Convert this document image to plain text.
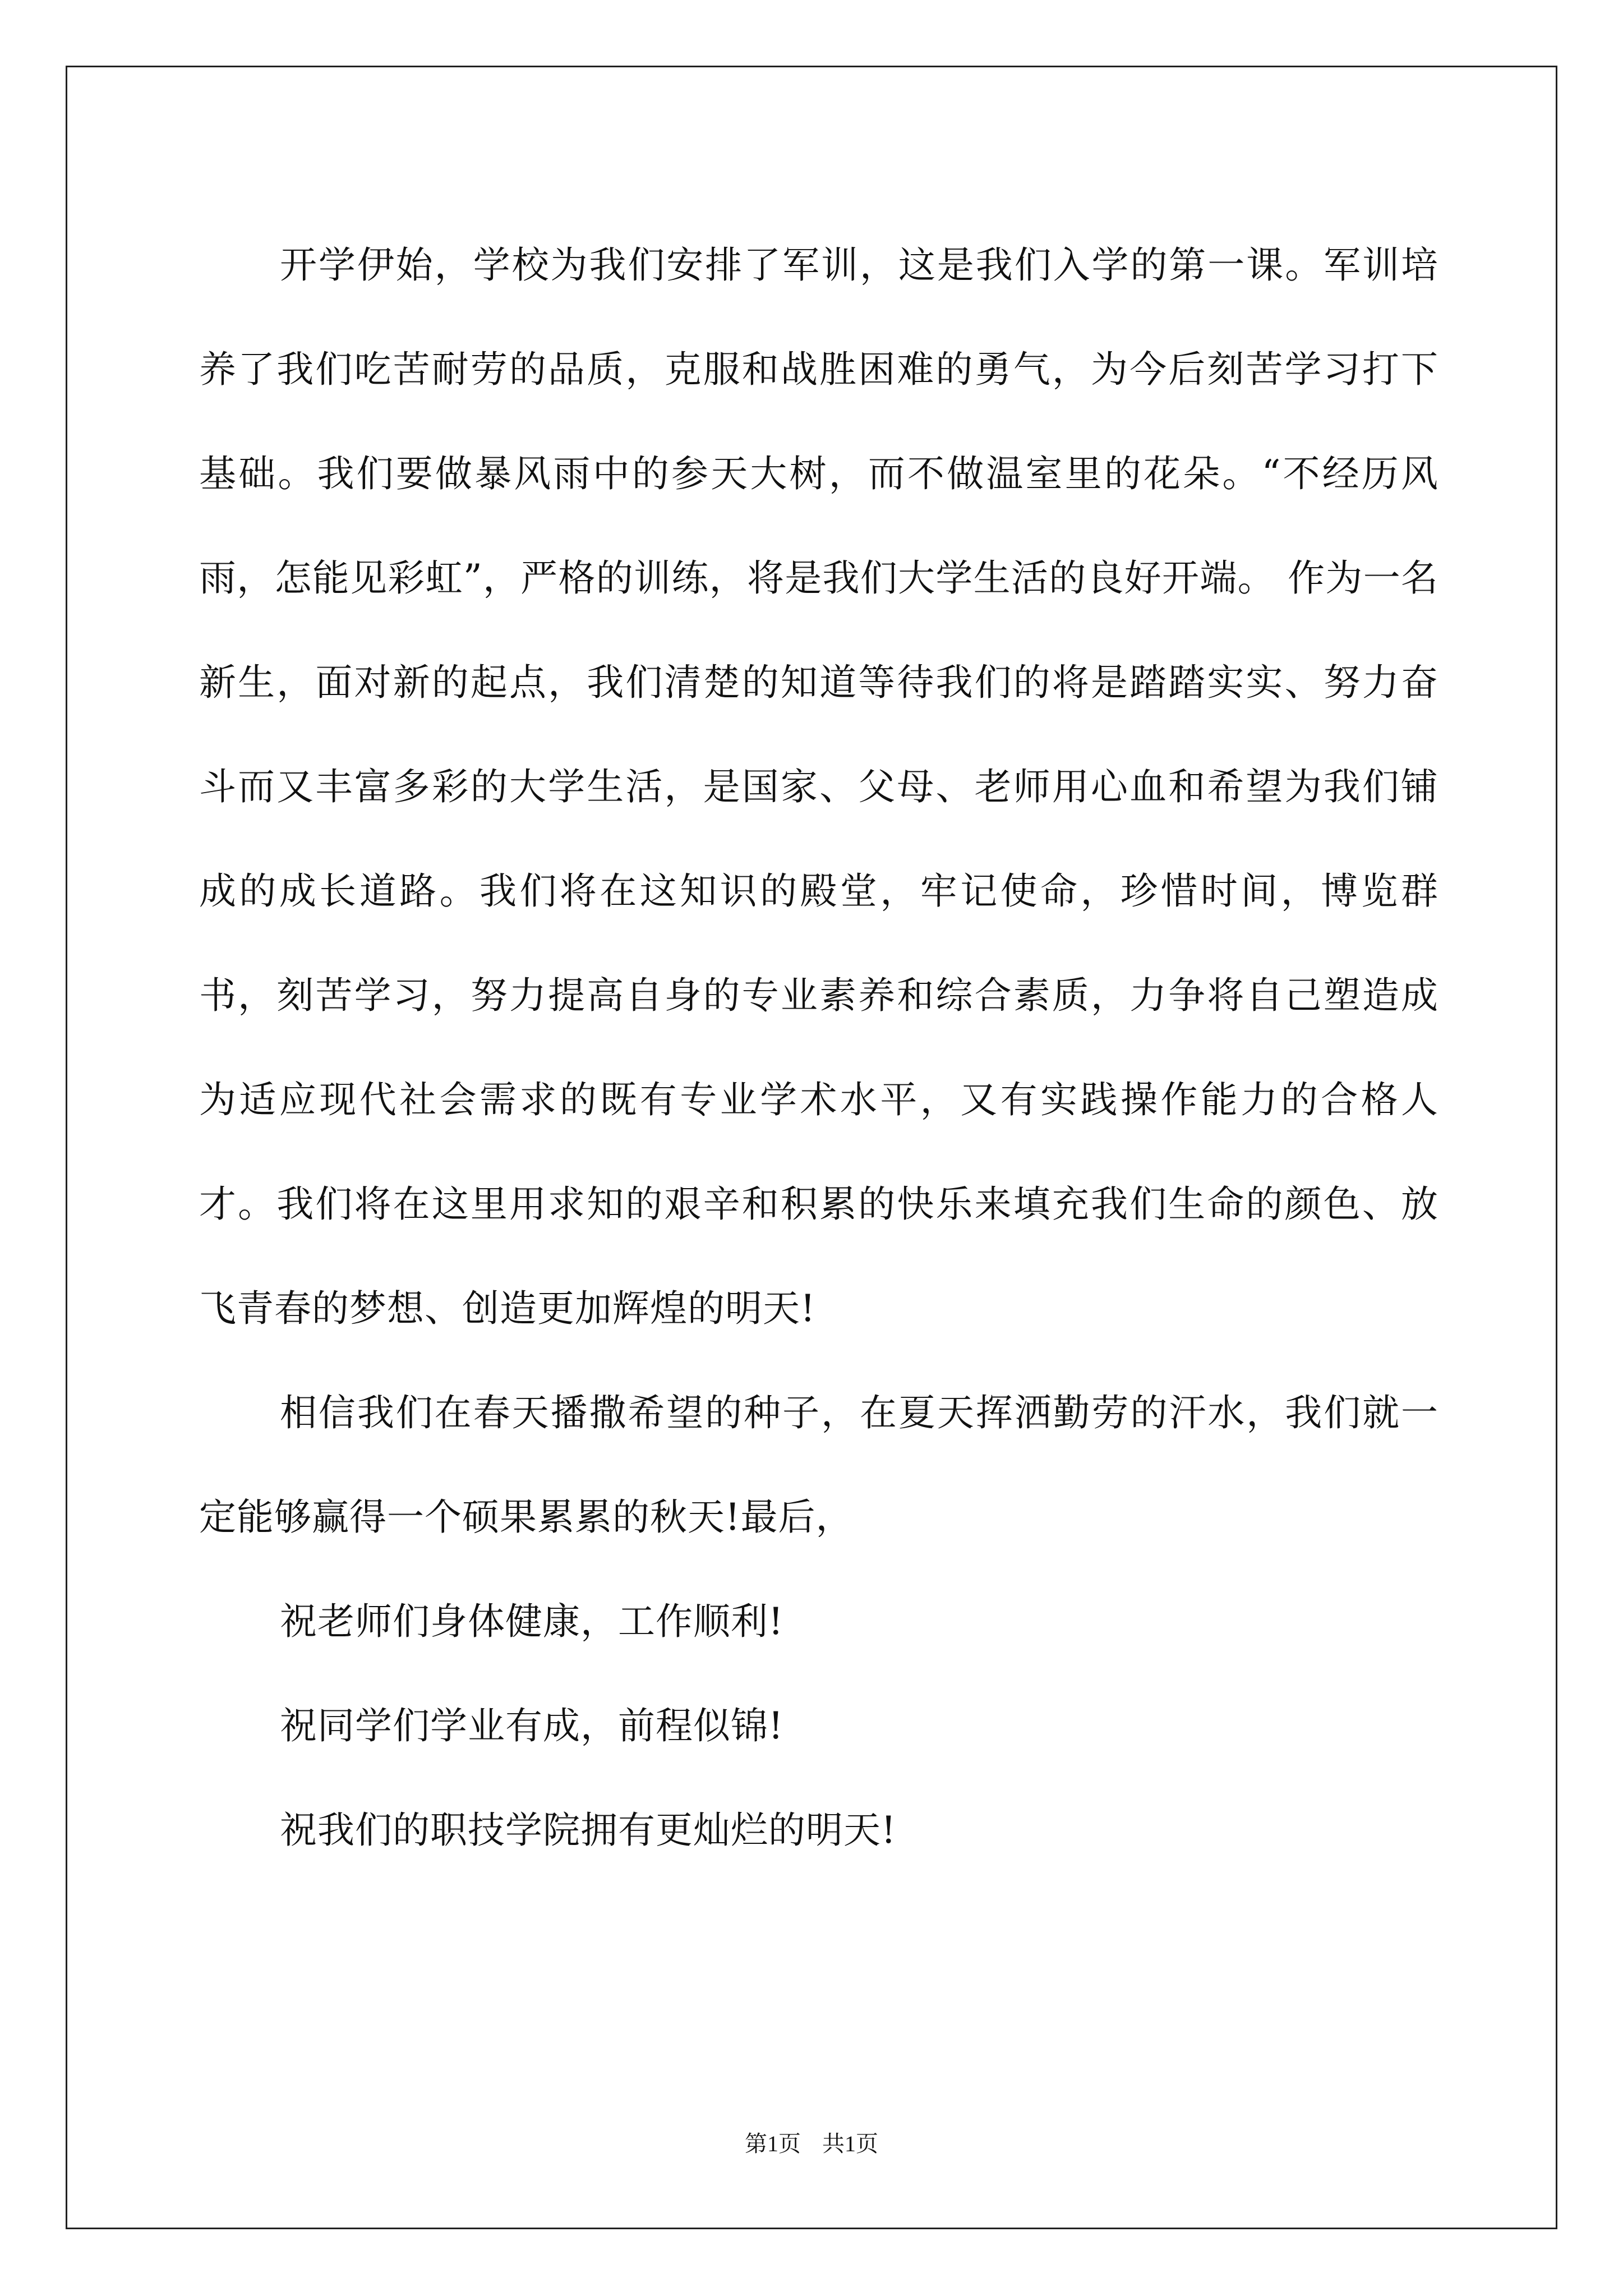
开学伊始，学校为我们安排了军训，这是我们入学的第一课。军训培养了我们吃苦耐劳的品质，克服和战胜困难的勇气，为今后刻苦学习打下基础。我们要做暴风雨中的参天大树，而不做温室里的花朵。“不经历风雨，怎能见彩虹”，严格的训练，将是我们大学生活的良好开端。 作为一名新生，面对新的起点，我们清楚的知道等待我们的将是踏踏实实、努力奋斗而又丰富多彩的大学生活，是国家、父母、老师用心血和希望为我们铺成的成长道路。我们将在这知识的殿堂，牢记使命，珍惜时间，博览群书，刻苦学习，努力提高自身的专业素养和综合素质，力争将自己塑造成为适应现代社会需求的既有专业学术水平，又有实践操作能力的合格人才。我们将在这里用求知的艰辛和积累的快乐来填充我们生命的颜色、放飞青春的梦想、创造更加辉煌的明天!

相信我们在春天播撒希望的种子，在夏天挥洒勤劳的汗水，我们就一定能够赢得一个硕果累累的秋天!最后，

祝老师们身体健康，工作顺利!

祝同学们学业有成，前程似锦!

祝我们的职技学院拥有更灿烂的明天!

第1页 共1页
